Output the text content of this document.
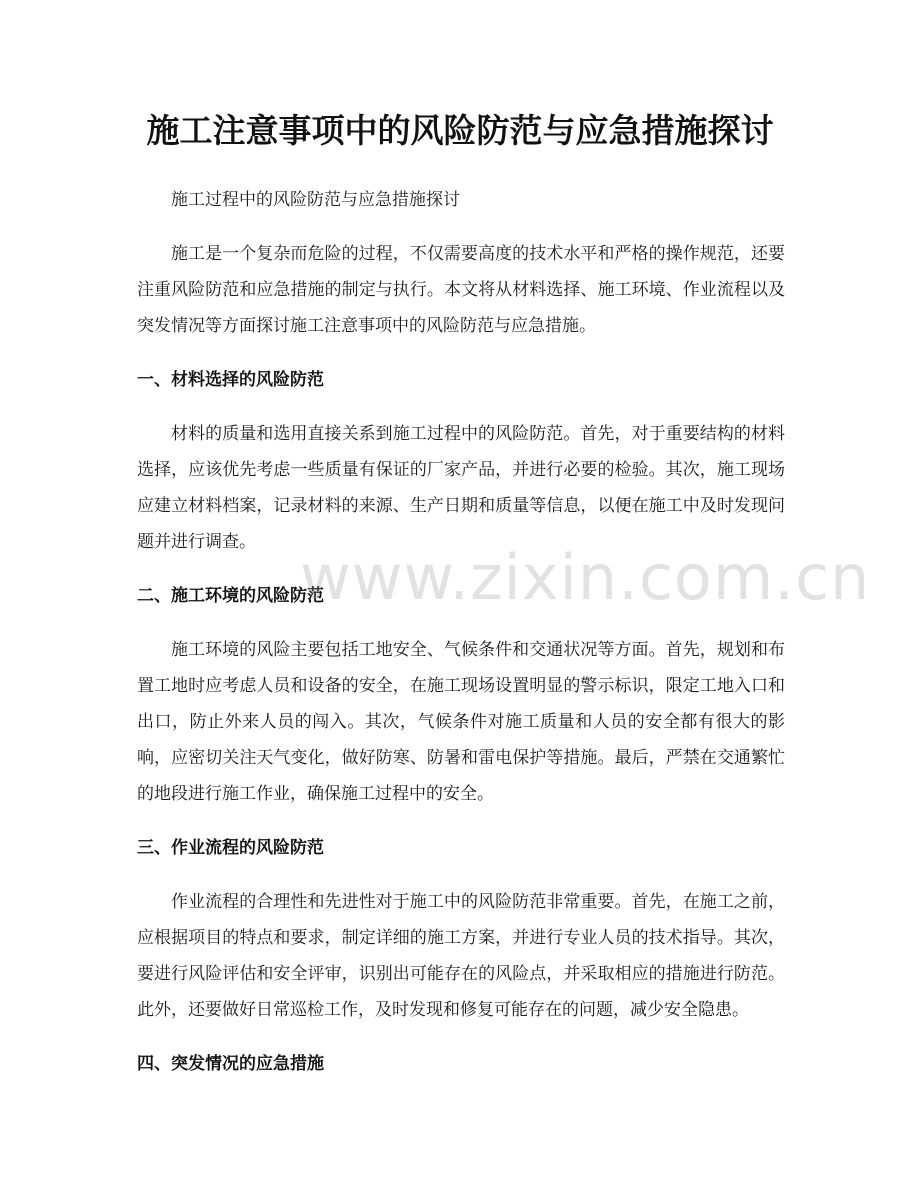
施工注意事项中的风险防范与应急措施探讨

施工过程中的风险防范与应急措施探讨

施工是一个复杂而危险的过程，不仅需要高度的技术水平和严格的操作规范，还要注重风险防范和应急措施的制定与执行。本文将从材料选择、施工环境、作业流程以及突发情况等方面探讨施工注意事项中的风险防范与应急措施。

一、材料选择的风险防范

材料的质量和选用直接关系到施工过程中的风险防范。首先，对于重要结构的材料选择，应该优先考虑一些质量有保证的厂家产品，并进行必要的检验。其次，施工现场应建立材料档案，记录材料的来源、生产日期和质量等信息，以便在施工中及时发现问题并进行调查。

二、施工环境的风险防范

施工环境的风险主要包括工地安全、气候条件和交通状况等方面。首先，规划和布置工地时应考虑人员和设备的安全，在施工现场设置明显的警示标识，限定工地入口和出口，防止外来人员的闯入。其次，气候条件对施工质量和人员的安全都有很大的影响，应密切关注天气变化，做好防寒、防暑和雷电保护等措施。最后，严禁在交通繁忙的地段进行施工作业，确保施工过程中的安全。

三、作业流程的风险防范

作业流程的合理性和先进性对于施工中的风险防范非常重要。首先，在施工之前，应根据项目的特点和要求，制定详细的施工方案，并进行专业人员的技术指导。其次，要进行风险评估和安全评审，识别出可能存在的风险点，并采取相应的措施进行防范。此外，还要做好日常巡检工作，及时发现和修复可能存在的问题，减少安全隐患。

四、突发情况的应急措施
www.zixin.com.cn
